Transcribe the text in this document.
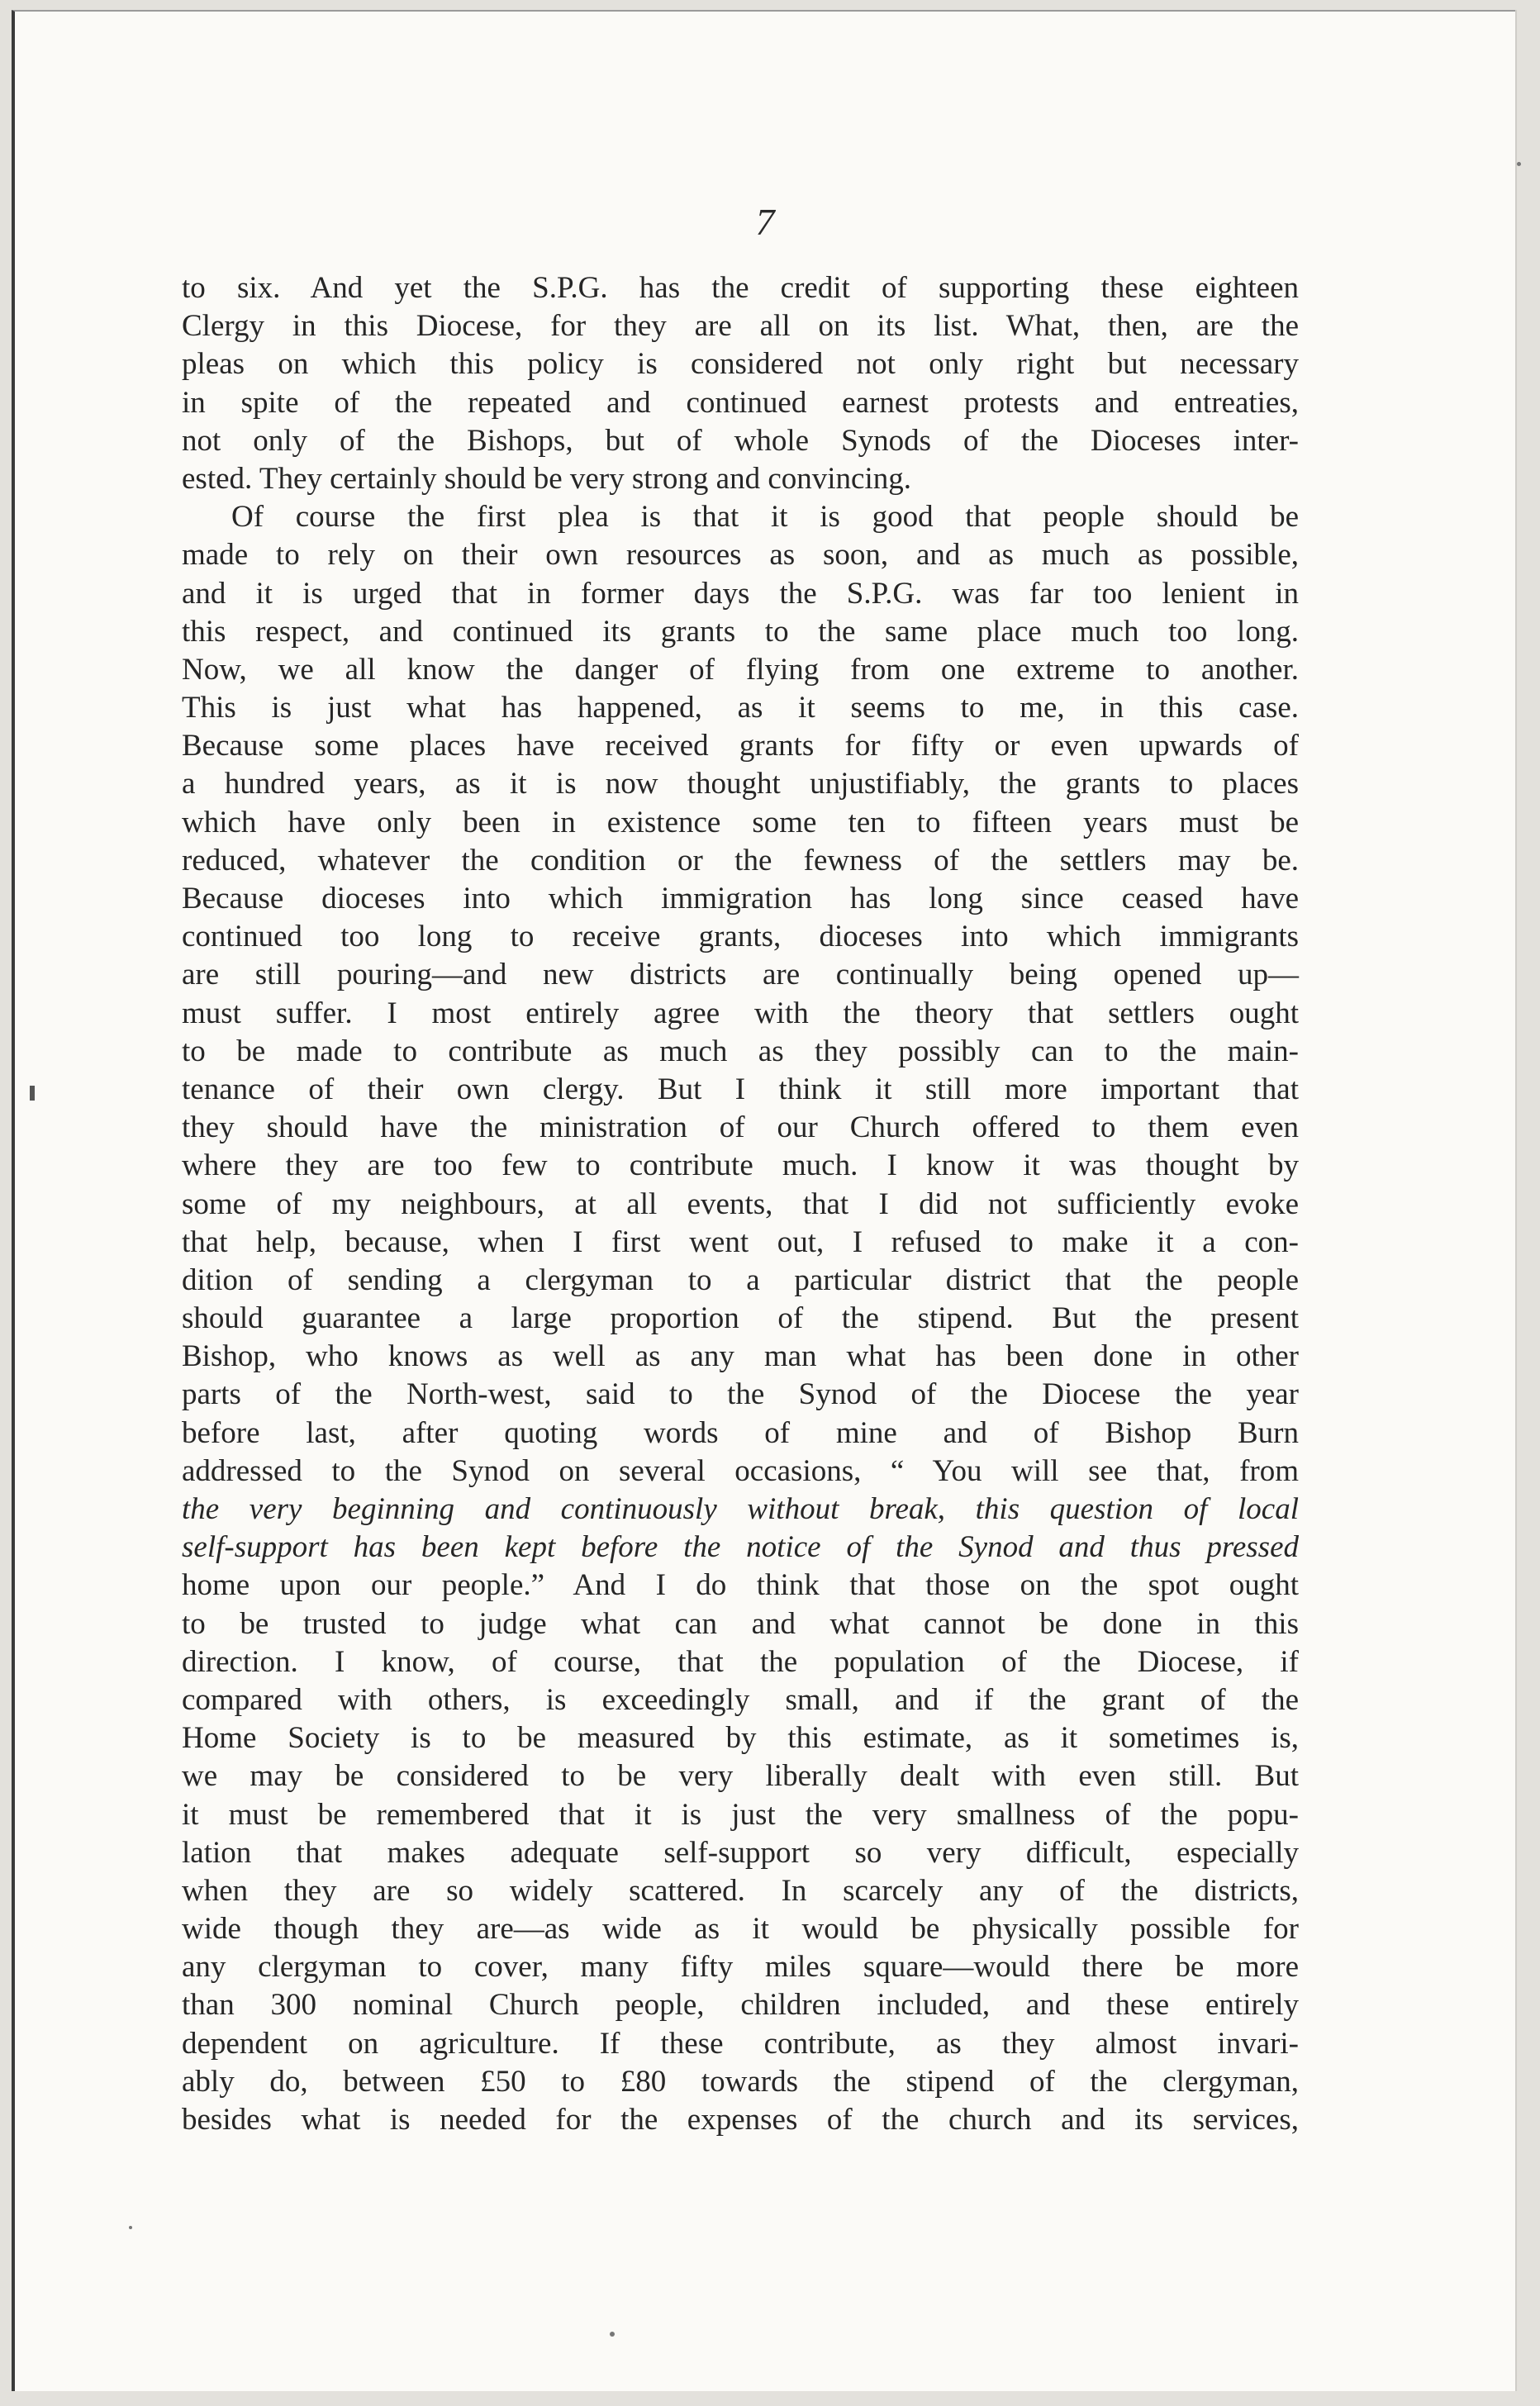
7
to six. And yet the S.P.G. has the credit of supporting these eighteen
Clergy in this Diocese, for they are all on its list. What, then, are the
pleas on which this policy is considered not only right but necessary
in spite of the repeated and continued earnest protests and entreaties,
not only of the Bishops, but of whole Synods of the Dioceses inter-
ested. They certainly should be very strong and convincing.
Of course the first plea is that it is good that people should be
made to rely on their own resources as soon, and as much as possible,
and it is urged that in former days the S.P.G. was far too lenient in
this respect, and continued its grants to the same place much too long.
Now, we all know the danger of flying from one extreme to another.
This is just what has happened, as it seems to me, in this case.
Because some places have received grants for fifty or even upwards of
a hundred years, as it is now thought unjustifiably, the grants to places
which have only been in existence some ten to fifteen years must be
reduced, whatever the condition or the fewness of the settlers may be.
Because dioceses into which immigration has long since ceased have
continued too long to receive grants, dioceses into which immigrants
are still pouring—and new districts are continually being opened up—
must suffer. I most entirely agree with the theory that settlers ought
to be made to contribute as much as they possibly can to the main-
tenance of their own clergy. But I think it still more important that
they should have the ministration of our Church offered to them even
where they are too few to contribute much. I know it was thought by
some of my neighbours, at all events, that I did not sufficiently evoke
that help, because, when I first went out, I refused to make it a con-
dition of sending a clergyman to a particular district that the people
should guarantee a large proportion of the stipend. But the present
Bishop, who knows as well as any man what has been done in other
parts of the North-west, said to the Synod of the Diocese the year
before last, after quoting words of mine and of Bishop Burn
addressed to the Synod on several occasions, “ You will see that, from
the very beginning and continuously without break, this question of local
self-support has been kept before the notice of the Synod and thus pressed
home upon our people.” And I do think that those on the spot ought
to be trusted to judge what can and what cannot be done in this
direction. I know, of course, that the population of the Diocese, if
compared with others, is exceedingly small, and if the grant of the
Home Society is to be measured by this estimate, as it sometimes is,
we may be considered to be very liberally dealt with even still. But
it must be remembered that it is just the very smallness of the popu-
lation that makes adequate self-support so very difficult, especially
when they are so widely scattered. In scarcely any of the districts,
wide though they are—as wide as it would be physically possible for
any clergyman to cover, many fifty miles square—would there be more
than 300 nominal Church people, children included, and these entirely
dependent on agriculture. If these contribute, as they almost invari-
ably do, between £50 to £80 towards the stipend of the clergyman,
besides what is needed for the expenses of the church and its services,
